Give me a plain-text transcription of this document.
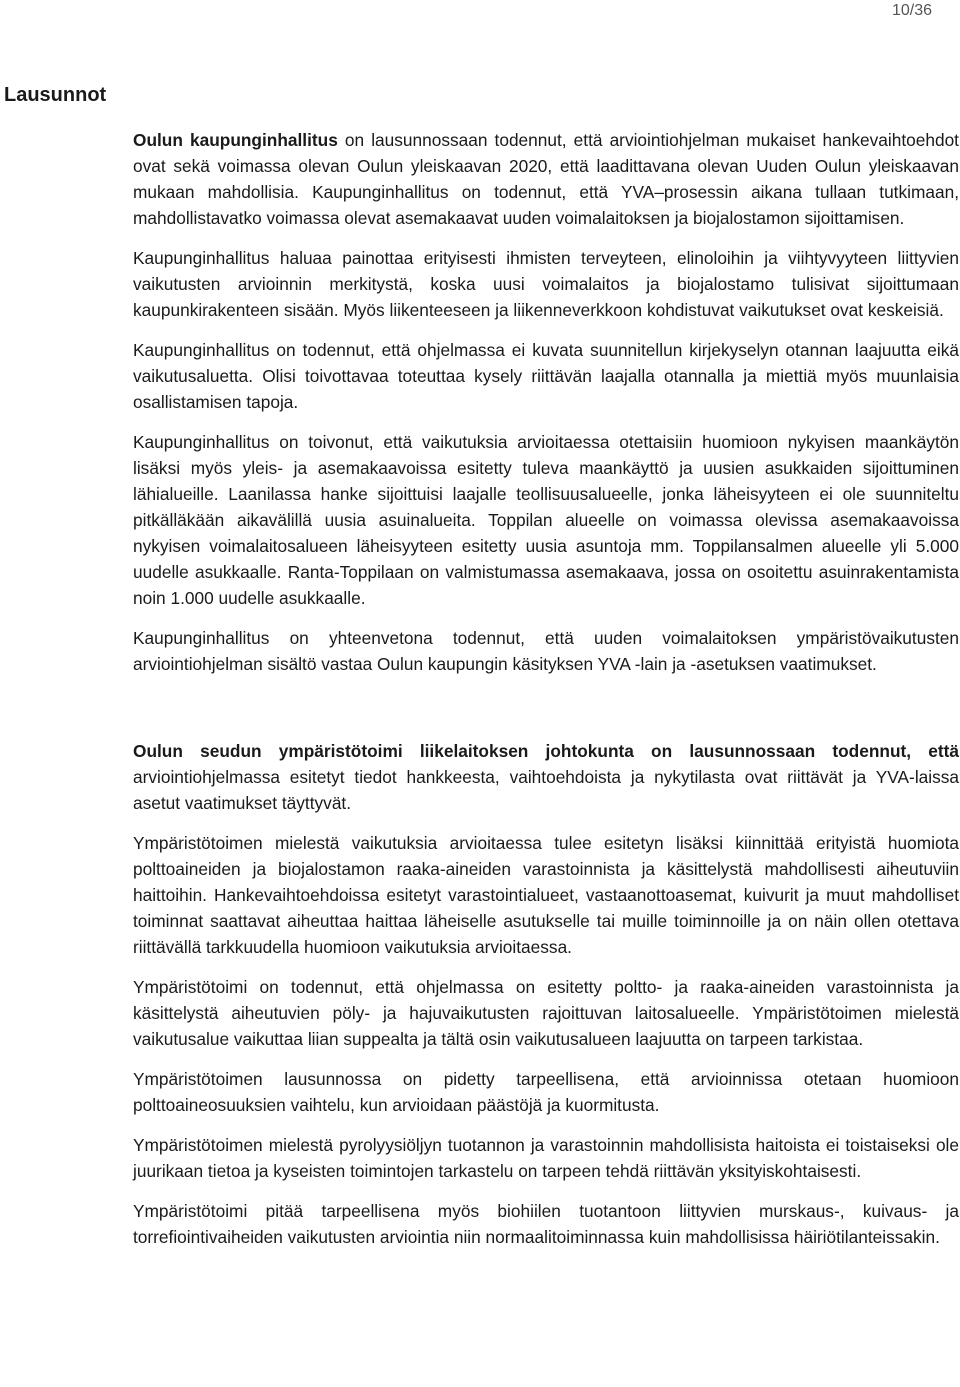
10/36
Lausunnot

Oulun kaupunginhallitus on lausunnossaan todennut, että arviointiohjelman mukaiset hankevaihtoehdot ovat sekä voimassa olevan Oulun yleiskaavan 2020, että laadittavana olevan Uuden Oulun yleiskaavan mukaan mahdollisia. Kaupunginhallitus on todennut, että YVA–prosessin aikana tullaan tutkimaan, mahdollistavatko voimassa olevat asemakaavat uuden voimalaitoksen ja biojalostamon sijoittamisen.

Kaupunginhallitus haluaa painottaa erityisesti ihmisten terveyteen, elinoloihin ja viihtyvyyteen liittyvien vaikutusten arvioinnin merkitystä, koska uusi voimalaitos ja biojalostamo tulisivat sijoittumaan kaupunkirakenteen sisään. Myös liikenteeseen ja liikenneverkkoon kohdistuvat vaikutukset ovat keskeisiä.

Kaupunginhallitus on todennut, että ohjelmassa ei kuvata suunnitellun kirjekyselyn otannan laajuutta eikä vaikutusaluetta. Olisi toivottavaa toteuttaa kysely riittävän laajalla otannalla ja miettiä myös muunlaisia osallistamisen tapoja.

Kaupunginhallitus on toivonut, että vaikutuksia arvioitaessa otettaisiin huomioon nykyisen maankäytön lisäksi myös yleis- ja asemakaavoissa esitetty tuleva maankäyttö ja uusien asukkaiden sijoittuminen lähialueille. Laanilassa hanke sijoittuisi laajalle teollisuusalueelle, jonka läheisyyteen ei ole suunniteltu pitkälläkään aikavälillä uusia asuinalueita. Toppilan alueelle on voimassa olevissa asemakaavoissa nykyisen voimalaitosalueen läheisyyteen esitetty uusia asuntoja mm. Toppilansalmen alueelle yli 5.000 uudelle asukkaalle. Ranta-Toppilaan on valmistumassa asemakaava, jossa on osoitettu asuinrakentamista noin 1.000 uudelle asukkaalle.

Kaupunginhallitus on yhteenvetona todennut, että uuden voimalaitoksen ympäristövaikutusten arviointiohjelman sisältö vastaa Oulun kaupungin käsityksen YVA -lain ja -asetuksen vaatimukset.

Oulun seudun ympäristötoimi liikelaitoksen johtokunta on lausunnossaan todennut, että arviointiohjelmassa esitetyt tiedot hankkeesta, vaihtoehdoista ja nykytilasta ovat riittävät ja YVA-laissa asetut vaatimukset täyttyvät.

Ympäristötoimen mielestä vaikutuksia arvioitaessa tulee esitetyn lisäksi kiinnittää erityistä huomiota polttoaineiden ja biojalostamon raaka-aineiden varastoinnista ja käsittelystä mahdollisesti aiheutuviin haittoihin. Hankevaihtoehdoissa esitetyt varastointialueet, vastaanottoasemat, kuivurit ja muut mahdolliset toiminnat saattavat aiheuttaa haittaa läheiselle asutukselle tai muille toiminnoille ja on näin ollen otettava riittävällä tarkkuudella huomioon vaikutuksia arvioitaessa.

Ympäristötoimi on todennut, että ohjelmassa on esitetty poltto- ja raaka-aineiden varastoinnista ja käsittelystä aiheutuvien pöly- ja hajuvaikutusten rajoittuvan laitosalueelle. Ympäristötoimen mielestä vaikutusalue vaikuttaa liian suppealta ja tältä osin vaikutusalueen laajuutta on tarpeen tarkistaa.

Ympäristötoimen lausunnossa on pidetty tarpeellisena, että arvioinnissa otetaan huomioon polttoaineosuuksien vaihtelu, kun arvioidaan päästöjä ja kuormitusta.

Ympäristötoimen mielestä pyrolyysiöljyn tuotannon ja varastoinnin mahdollisista haitoista ei toistaiseksi ole juurikaan tietoa ja kyseisten toimintojen tarkastelu on tarpeen tehdä riittävän yksityiskohtaisesti.

Ympäristötoimi pitää tarpeellisena myös biohiilen tuotantoon liittyvien murskaus-, kuivaus- ja torrefiointivaiheiden vaikutusten arviointia niin normaalitoiminnassa kuin mahdollisissa häiriötilanteissakin.
